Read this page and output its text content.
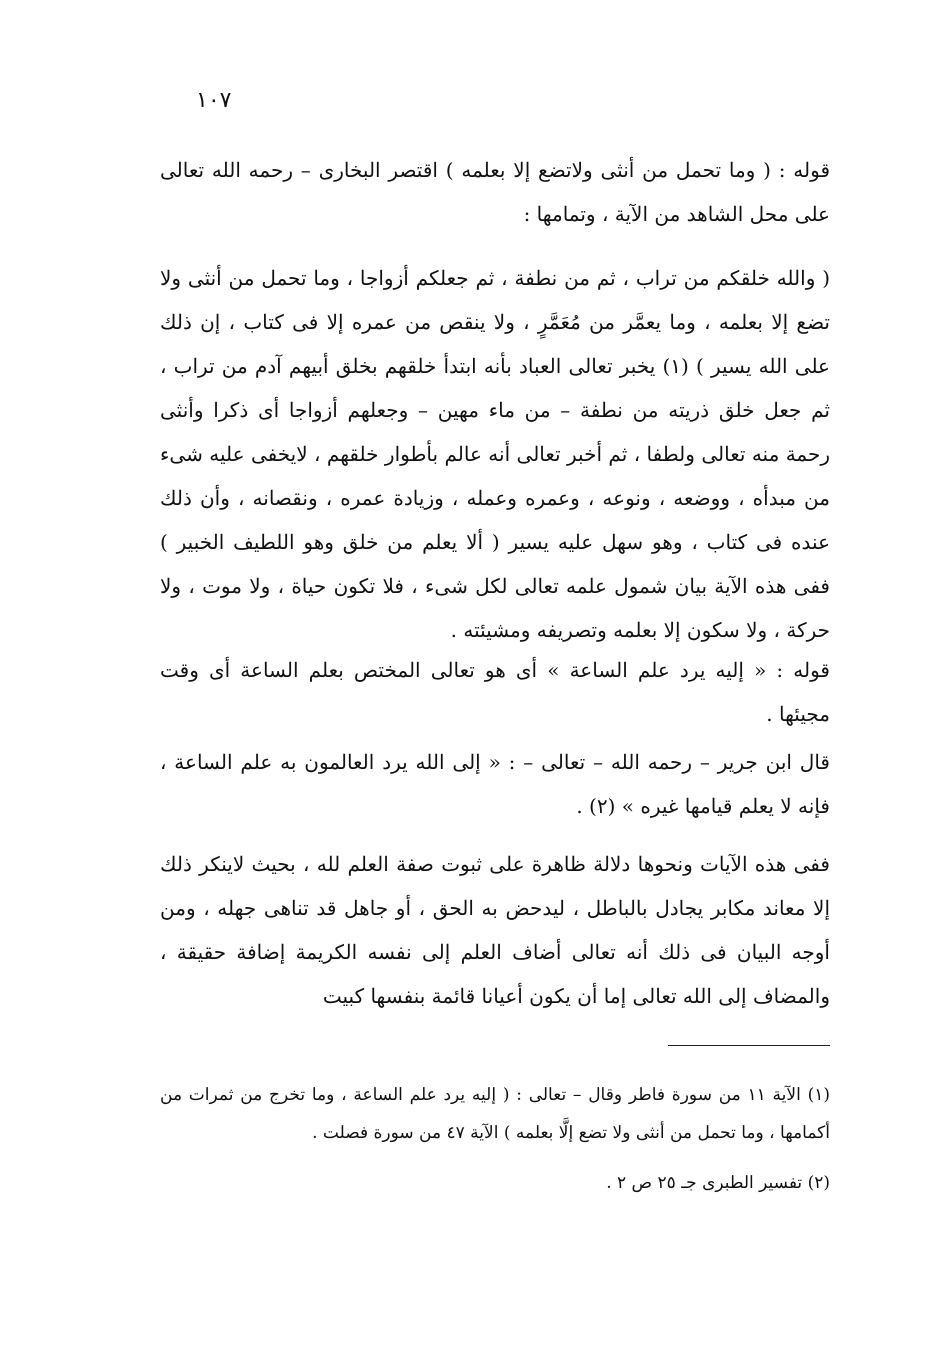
١٠٧

قوله : ( وما تحمل من أنثى ولاتضع إلا بعلمه ) اقتصر البخارى – رحمه الله تعالى على محل الشاهد من الآية ، وتمامها :

( والله خلقكم من تراب ، ثم من نطفة ، ثم جعلكم أزواجا ، وما تحمل من أنثى ولا تضع إلا بعلمه ، وما يعمَّر من مُعَمَّرٍ ، ولا ينقص من عمره إلا فى كتاب ، إن ذلك على الله يسير ) (١) يخبر تعالى العباد بأنه ابتدأ خلقهم بخلق أبيهم آدم من تراب ، ثم جعل خلق ذريته من نطفة – من ماء مهين – وجعلهم أزواجا أى ذكرا وأنثى رحمة منه تعالى ولطفا ، ثم أخبر تعالى أنه عالم بأطوار خلقهم ، لايخفى عليه شىء من مبدأه ، ووضعه ، ونوعه ، وعمره وعمله ، وزيادة عمره ، ونقصانه ، وأن ذلك عنده فى كتاب ، وهو سهل عليه يسير ( ألا يعلم من خلق وهو اللطيف الخبير ) ففى هذه الآية بيان شمول علمه تعالى لكل شىء ، فلا تكون حياة ، ولا موت ، ولا حركة ، ولا سكون إلا بعلمه وتصريفه ومشيئته .

قوله : « إليه يرد علم الساعة » أى هو تعالى المختص بعلم الساعة أى وقت مجيئها .

قال ابن جرير – رحمه الله – تعالى – : « إلى الله يرد العالمون به علم الساعة ، فإنه لا يعلم قيامها غيره » (٢) .

ففى هذه الآيات ونحوها دلالة ظاهرة على ثبوت صفة العلم لله ، بحيث لاينكر ذلك إلا معاند مكابر يجادل بالباطل ، ليدحض به الحق ، أو جاهل قد تناهى جهله ، ومن أوجه البيان فى ذلك أنه تعالى أضاف العلم إلى نفسه الكريمة إضافة حقيقة ، والمضاف إلى الله تعالى إما أن يكون أعيانا قائمة بنفسها كبيت

(١) الآية ١١ من سورة فاطر وقال – تعالى : ( إليه يرد علم الساعة ، وما تخرج من ثمرات من أكمامها ، وما تحمل من أنثى ولا تضع إلَّا بعلمه ) الآية ٤٧ من سورة فصلت .

(٢) تفسير الطبرى جـ ٢٥ ص ٢ .
